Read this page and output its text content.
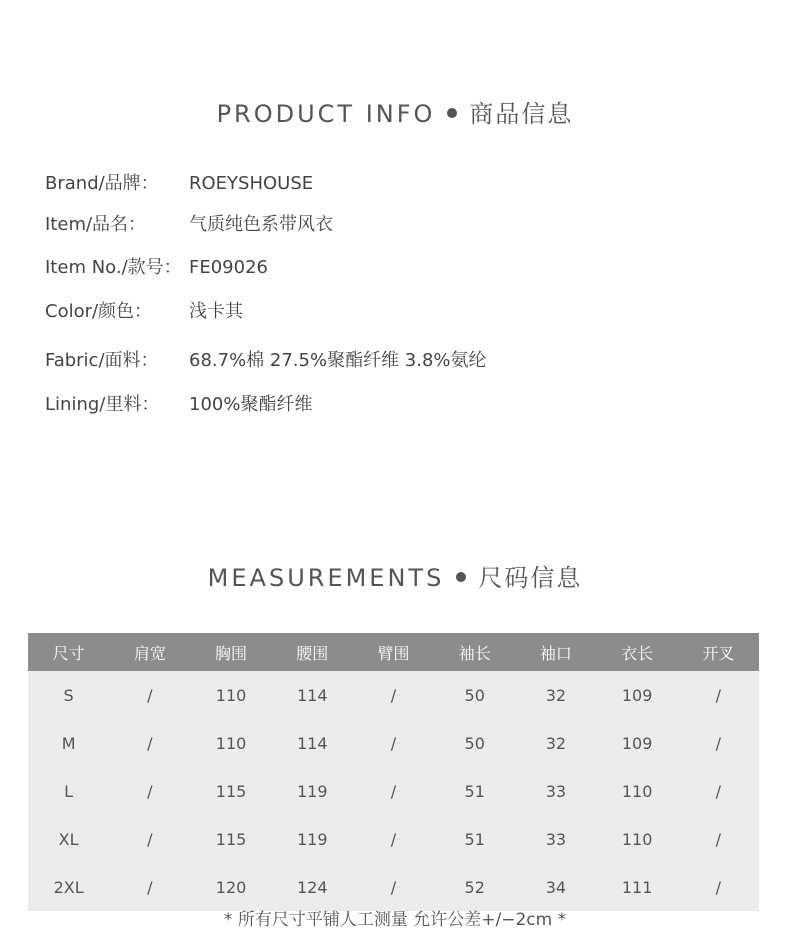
PRODUCT INFO 商品信息
Brand/品牌： ROEYSHOUSE
Item/品名： 气质纯色系带风衣
Item No./款号： FE09026
Color/颜色： 浅卡其
Fabric/面料： 68.7%棉 27.5%聚酯纤维 3.8%氨纶
Lining/里料： 100%聚酯纤维
MEASUREMENTS 尺码信息
尺寸	肩宽	胸围	腰围	臂围	袖长	袖口	衣长	开叉
S	/	110	114	/	50	32	109	/
M	/	110	114	/	50	32	109	/
L	/	115	119	/	51	33	110	/
XL	/	115	119	/	51	33	110	/
2XL	/	120	124	/	52	34	111	/
* 所有尺寸平铺人工测量 允许公差+/−2cm *
